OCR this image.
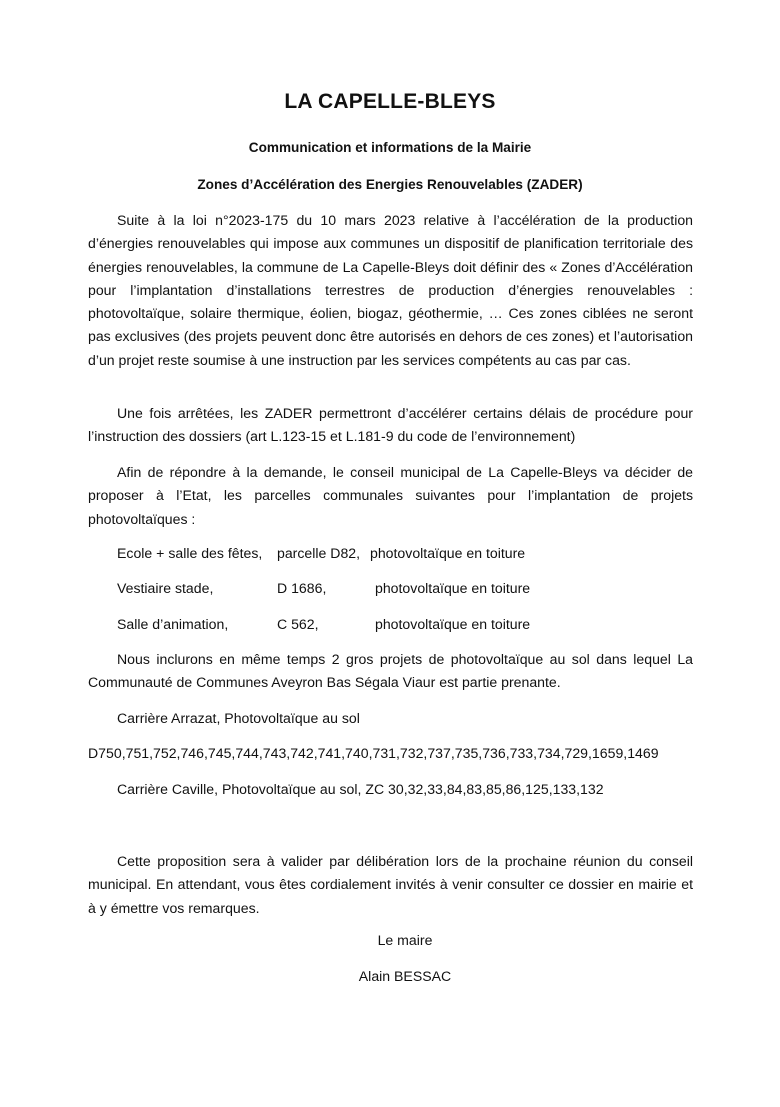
LA CAPELLE-BLEYS
Communication et informations de la Mairie
Zones d’Accélération des Energies Renouvelables (ZADER)
Suite à la loi n°2023-175 du 10 mars 2023 relative à l’accélération de la production d’énergies renouvelables qui impose aux communes un dispositif de planification territoriale des énergies renouvelables, la commune de La Capelle-Bleys doit définir des « Zones d’Accélération pour l’implantation d’installations terrestres de production d’énergies renouvelables : photovoltaïque, solaire thermique, éolien, biogaz, géothermie, … Ces zones ciblées ne seront pas exclusives (des projets peuvent donc être autorisés en dehors de ces zones) et l’autorisation d’un projet reste soumise à une instruction par les services compétents au cas par cas.
Une fois arrêtées, les ZADER permettront d’accélérer certains délais de procédure pour l’instruction des dossiers (art L.123-15 et L.181-9 du code de l’environnement)
Afin de répondre à la demande, le conseil municipal de La Capelle-Bleys va décider de proposer à l’Etat, les parcelles communales suivantes pour l’implantation de projets photovoltaïques :
Ecole + salle des fêtes, parcelle D82, photovoltaïque en toiture
Vestiaire stade,	D 1686,	photovoltaïque en toiture
Salle d’animation,	C 562,	photovoltaïque en toiture
Nous inclurons en même temps 2 gros projets de photovoltaïque au sol dans lequel La Communauté de Communes Aveyron Bas Ségala Viaur est partie prenante.
Carrière Arrazat, Photovoltaïque au sol
D750,751,752,746,745,744,743,742,741,740,731,732,737,735,736,733,734,729,1659,1469
Carrière Caville, Photovoltaïque au sol, ZC 30,32,33,84,83,85,86,125,133,132
Cette proposition sera à valider par délibération lors de la prochaine réunion du conseil municipal. En attendant, vous êtes cordialement invités à venir consulter ce dossier en mairie et à y émettre vos remarques.
Le maire
Alain BESSAC
